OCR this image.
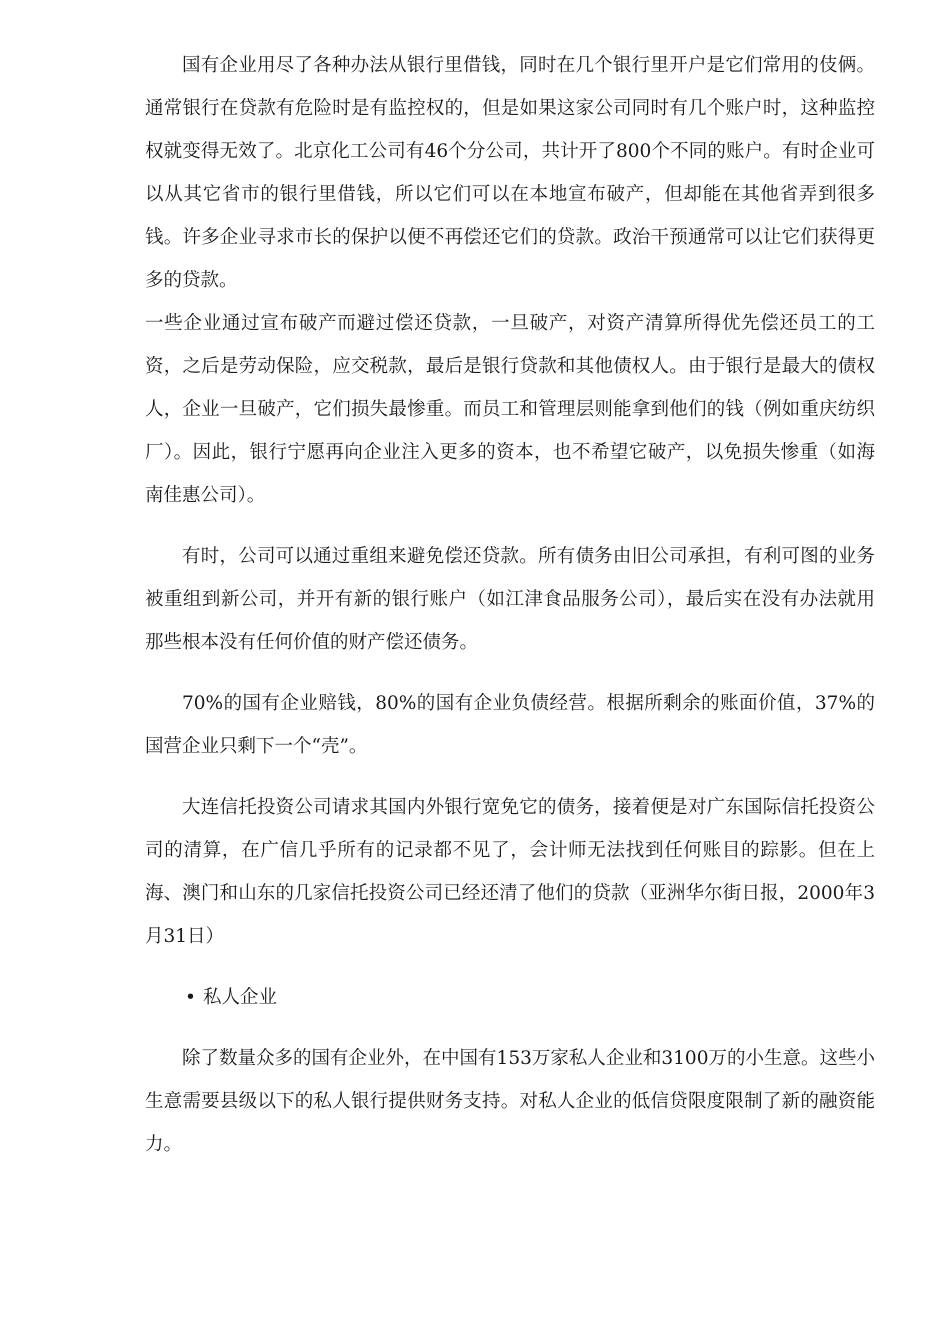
国有企业用尽了各种办法从银行里借钱，同时在几个银行里开户是它们常用的伎俩。通常银行在贷款有危险时是有监控权的，但是如果这家公司同时有几个账户时，这种监控权就变得无效了。北京化工公司有46个分公司，共计开了800个不同的账户。有时企业可以从其它省市的银行里借钱，所以它们可以在本地宣布破产，但却能在其他省弄到很多钱。许多企业寻求市长的保护以便不再偿还它们的贷款。政治干预通常可以让它们获得更多的贷款。

一些企业通过宣布破产而避过偿还贷款，一旦破产，对资产清算所得优先偿还员工的工资，之后是劳动保险，应交税款，最后是银行贷款和其他债权人。由于银行是最大的债权人，企业一旦破产，它们损失最惨重。而员工和管理层则能拿到他们的钱（例如重庆纺织厂）。因此，银行宁愿再向企业注入更多的资本，也不希望它破产，以免损失惨重（如海南佳惠公司）。

有时，公司可以通过重组来避免偿还贷款。所有债务由旧公司承担，有利可图的业务被重组到新公司，并开有新的银行账户（如江津食品服务公司），最后实在没有办法就用那些根本没有任何价值的财产偿还债务。

70%的国有企业赔钱，80%的国有企业负债经营。根据所剩余的账面价值，37%的国营企业只剩下一个“壳”。

大连信托投资公司请求其国内外银行宽免它的债务，接着便是对广东国际信托投资公司的清算，在广信几乎所有的记录都不见了，会计师无法找到任何账目的踪影。但在上海、澳门和山东的几家信托投资公司已经还清了他们的贷款（亚洲华尔街日报，2000年3月31日）

• 私人企业

除了数量众多的国有企业外，在中国有153万家私人企业和3100万的小生意。这些小生意需要县级以下的私人银行提供财务支持。对私人企业的低信贷限度限制了新的融资能力。
